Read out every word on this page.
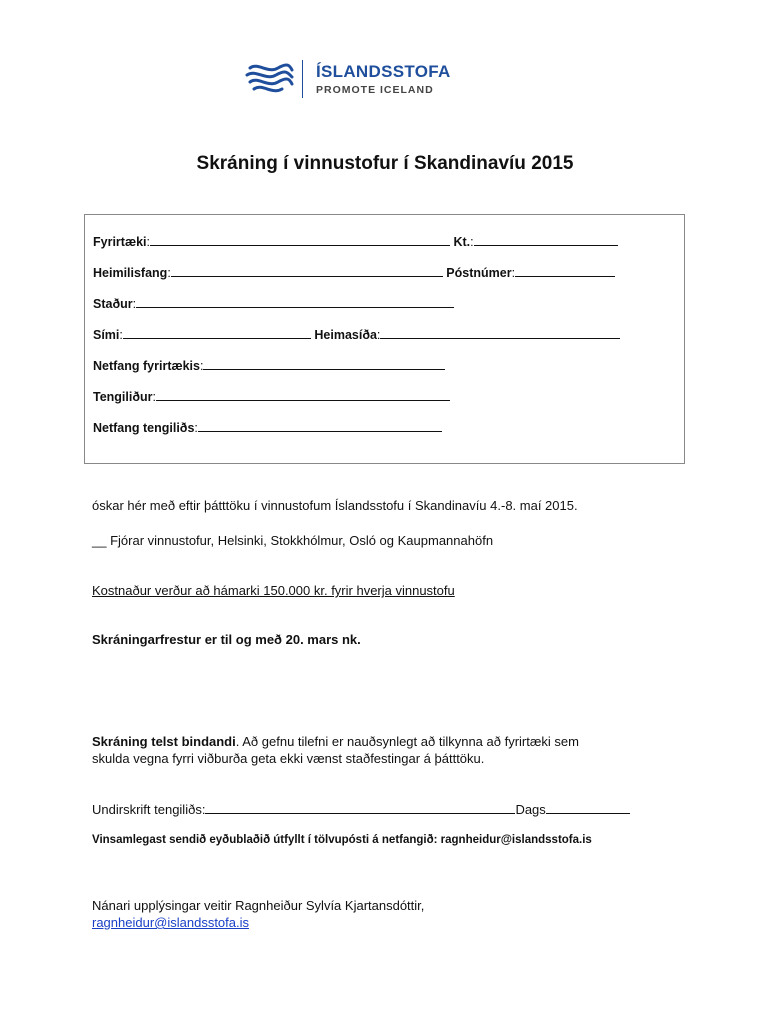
ÍSLANDSSTOFA
PROMOTE ICELAND
Skráning í vinnustofur í Skandinavíu 2015
Fyrirtæki:	Kt.:
Heimilisfang:	Póstnúmer:
Staður:
Sími:	Heimasíða:
Netfang fyrirtækis:
Tengiliður:
Netfang tengiliðs:
óskar hér með eftir þátttöku í vinnustofum Íslandsstofu í Skandinavíu 4.-8. maí 2015.
__ Fjórar vinnustofur, Helsinki, Stokkhólmur, Osló og Kaupmannahöfn
Kostnaður verður að hámarki 150.000 kr. fyrir hverja vinnustofu
Skráningarfrestur er til og með 20. mars nk.
Skráning telst bindandi. Að gefnu tilefni er nauðsynlegt að tilkynna að fyrirtæki sem
skulda vegna fyrri viðburða geta ekki vænst staðfestingar á þátttöku.
Undirskrift tengiliðs:	Dags
Vinsamlegast sendið eyðublaðið útfyllt í tölvupósti á netfangið: ragnheidur@islandsstofa.is
Nánari upplýsingar veitir Ragnheiður Sylvía Kjartansdóttir,
ragnheidur@islandsstofa.is
